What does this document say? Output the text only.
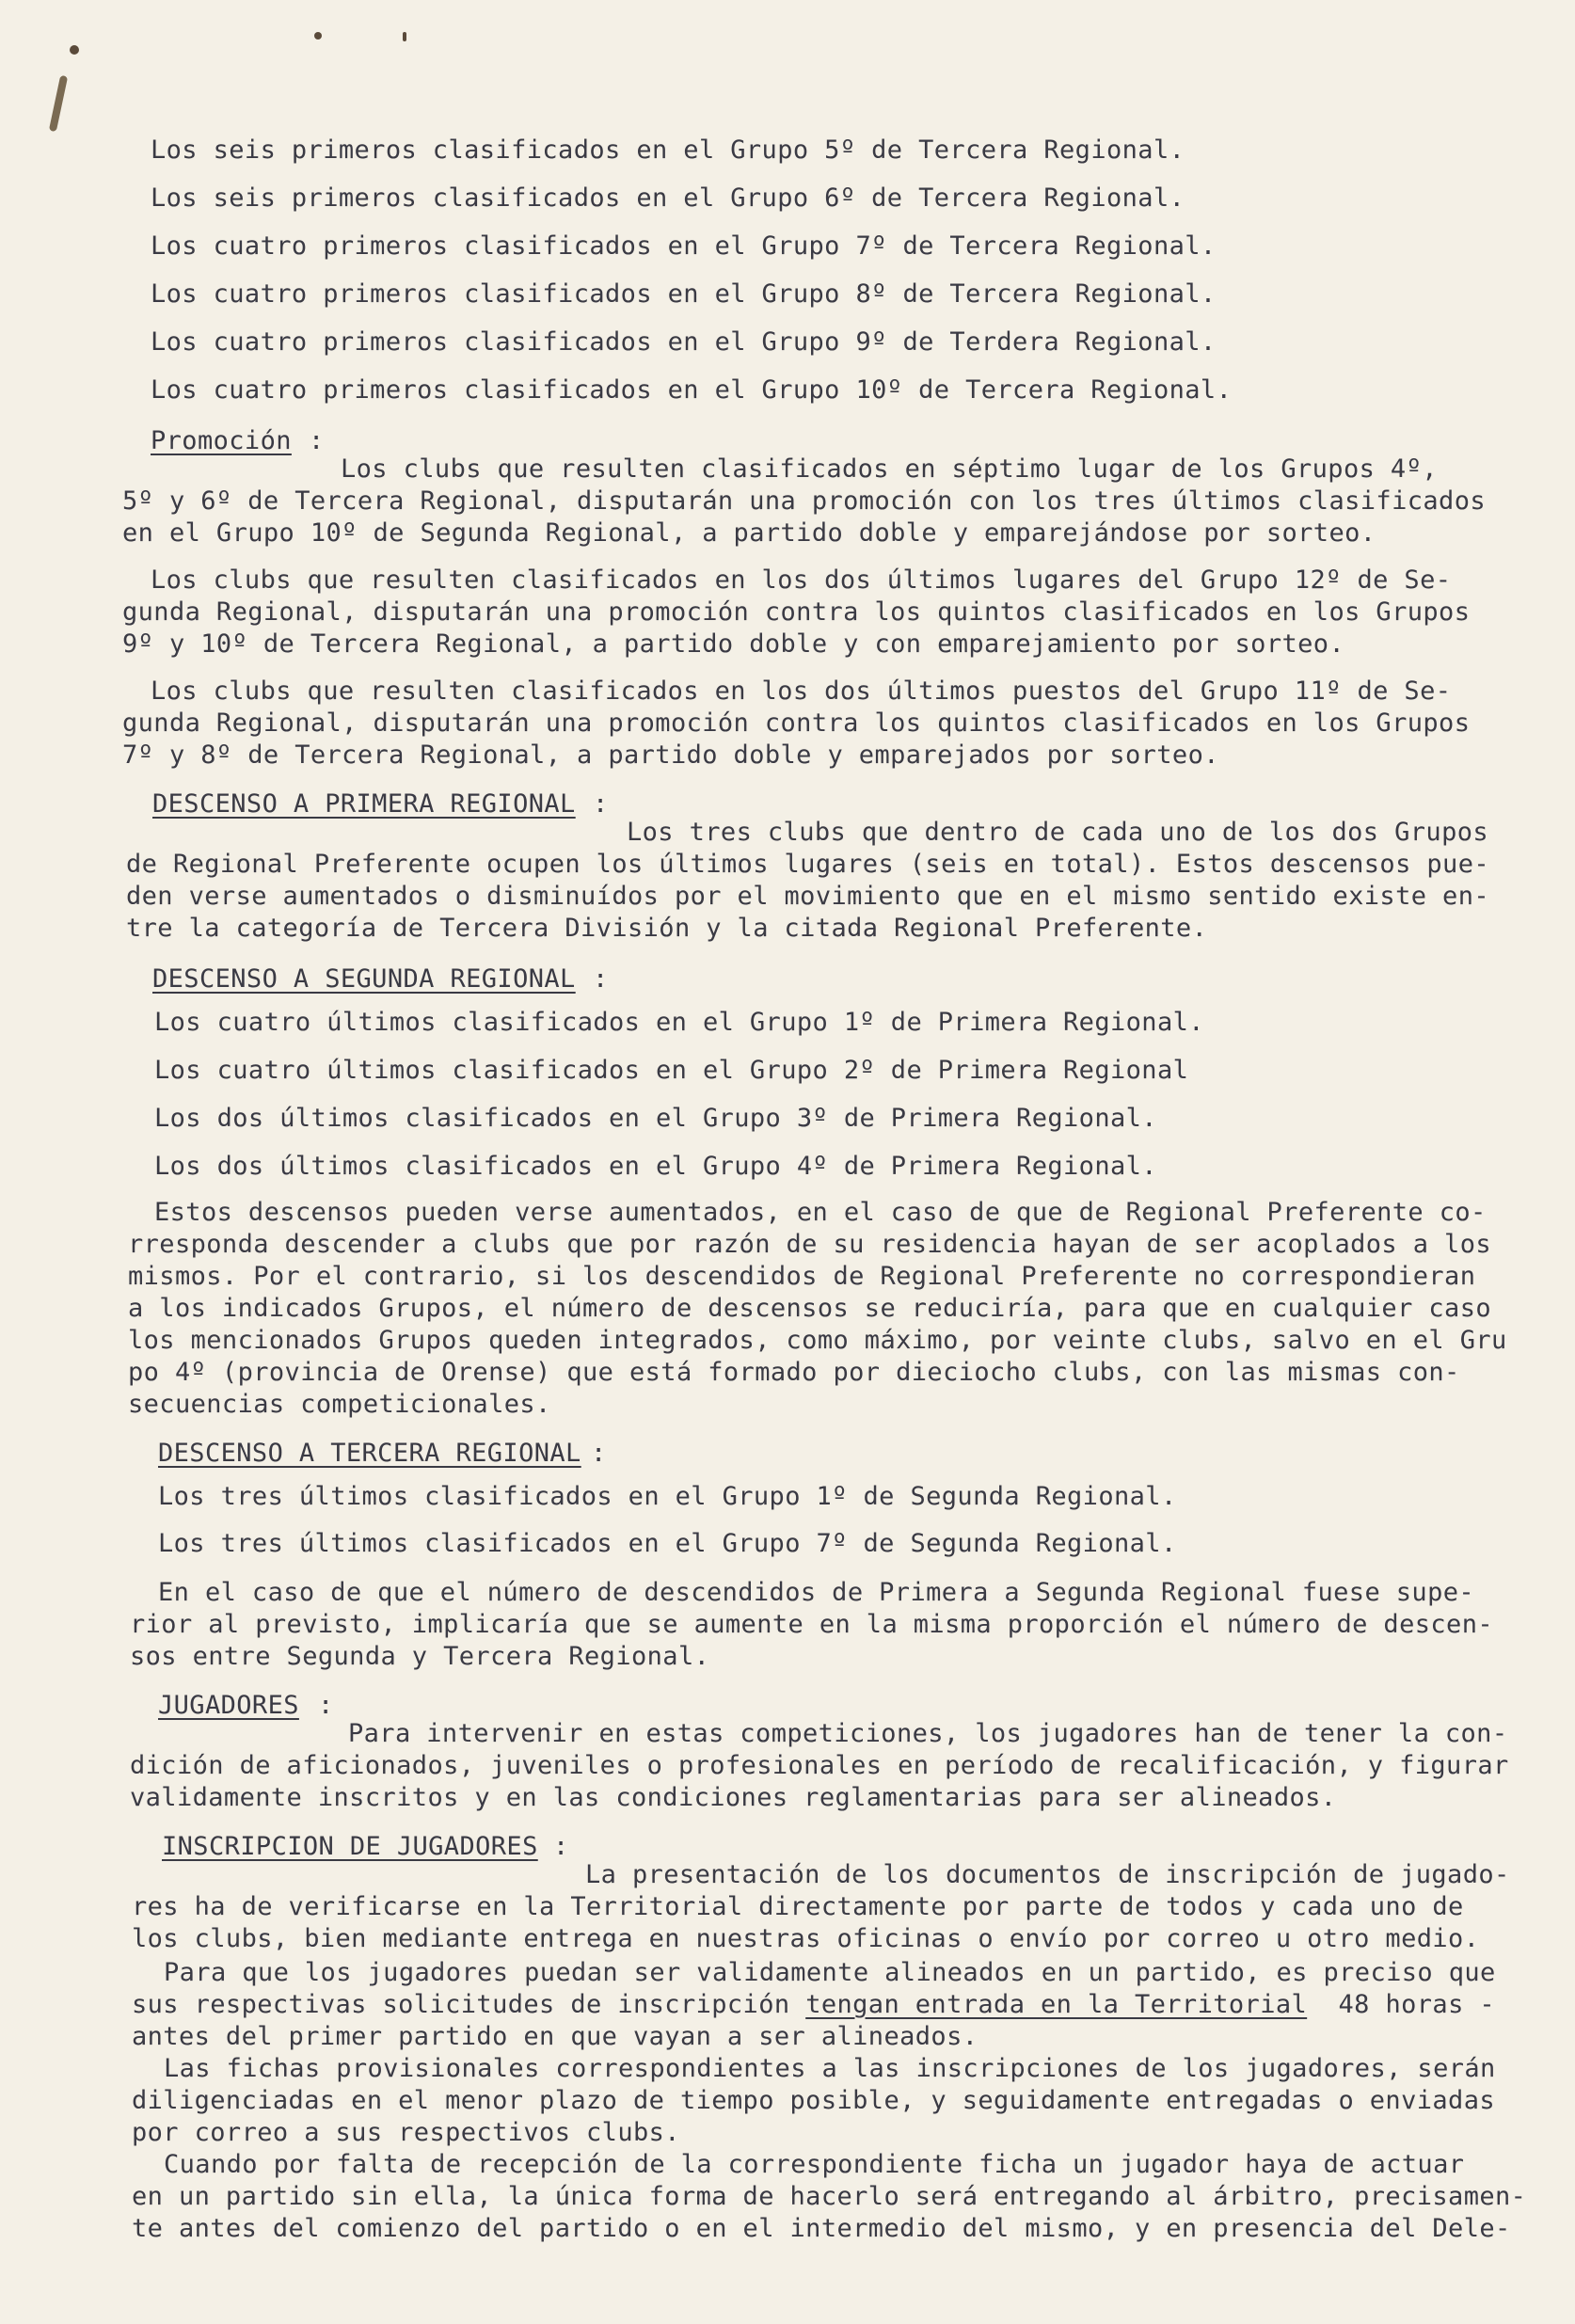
Los seis primeros clasificados en el Grupo 5º de Tercera Regional.
Los seis primeros clasificados en el Grupo 6º de Tercera Regional.
Los cuatro primeros clasificados en el Grupo 7º de Tercera Regional.
Los cuatro primeros clasificados en el Grupo 8º de Tercera Regional.
Los cuatro primeros clasificados en el Grupo 9º de Terdera Regional.
Los cuatro primeros clasificados en el Grupo 10º de Tercera Regional.
Promoción :
Los clubs que resulten clasificados en séptimo lugar de los Grupos 4º,
5º y 6º de Tercera Regional, disputarán una promoción con los tres últimos clasificados
en el Grupo 10º de Segunda Regional, a partido doble y emparejándose por sorteo.
Los clubs que resulten clasificados en los dos últimos lugares del Grupo 12º de Se-
gunda Regional, disputarán una promoción contra los quintos clasificados en los Grupos
9º y 10º de Tercera Regional, a partido doble y con emparejamiento por sorteo.
Los clubs que resulten clasificados en los dos últimos puestos del Grupo 11º de Se-
gunda Regional, disputarán una promoción contra los quintos clasificados en los Grupos
7º y 8º de Tercera Regional, a partido doble y emparejados por sorteo.
DESCENSO A PRIMERA REGIONAL :
Los tres clubs que dentro de cada uno de los dos Grupos
de Regional Preferente ocupen los últimos lugares (seis en total). Estos descensos pue-
den verse aumentados o disminuídos por el movimiento que en el mismo sentido existe en-
tre la categoría de Tercera División y la citada Regional Preferente.
DESCENSO A SEGUNDA REGIONAL :
Los cuatro últimos clasificados en el Grupo 1º de Primera Regional.
Los cuatro últimos clasificados en el Grupo 2º de Primera Regional
Los dos últimos clasificados en el Grupo 3º de Primera Regional.
Los dos últimos clasificados en el Grupo 4º de Primera Regional.
Estos descensos pueden verse aumentados, en el caso de que de Regional Preferente co-
rresponda descender a clubs que por razón de su residencia hayan de ser acoplados a los
mismos. Por el contrario, si los descendidos de Regional Preferente no correspondieran
a los indicados Grupos, el número de descensos se reduciría, para que en cualquier caso
los mencionados Grupos queden integrados, como máximo, por veinte clubs, salvo en el Gru
po 4º (provincia de Orense) que está formado por dieciocho clubs, con las mismas con-
secuencias competicionales.
DESCENSO A TERCERA REGIONAL :
Los tres últimos clasificados en el Grupo 1º de Segunda Regional.
Los tres últimos clasificados en el Grupo 7º de Segunda Regional.
En el caso de que el número de descendidos de Primera a Segunda Regional fuese supe-
rior al previsto, implicaría que se aumente en la misma proporción el número de descen-
sos entre Segunda y Tercera Regional.
JUGADORES :
Para intervenir en estas competiciones, los jugadores han de tener la con-
dición de aficionados, juveniles o profesionales en período de recalificación, y figurar
validamente inscritos y en las condiciones reglamentarias para ser alineados.
INSCRIPCION DE JUGADORES :
La presentación de los documentos de inscripción de jugado-
res ha de verificarse en la Territorial directamente por parte de todos y cada uno de
los clubs, bien mediante entrega en nuestras oficinas o envío por correo u otro medio.
Para que los jugadores puedan ser validamente alineados en un partido, es preciso que
sus respectivas solicitudes de inscripción tengan entrada en la Territorial  48 horas -
antes del primer partido en que vayan a ser alineados.
Las fichas provisionales correspondientes a las inscripciones de los jugadores, serán
diligenciadas en el menor plazo de tiempo posible, y seguidamente entregadas o enviadas
por correo a sus respectivos clubs.
Cuando por falta de recepción de la correspondiente ficha un jugador haya de actuar
en un partido sin ella, la única forma de hacerlo será entregando al árbitro, precisamen-
te antes del comienzo del partido o en el intermedio del mismo, y en presencia del Dele-
